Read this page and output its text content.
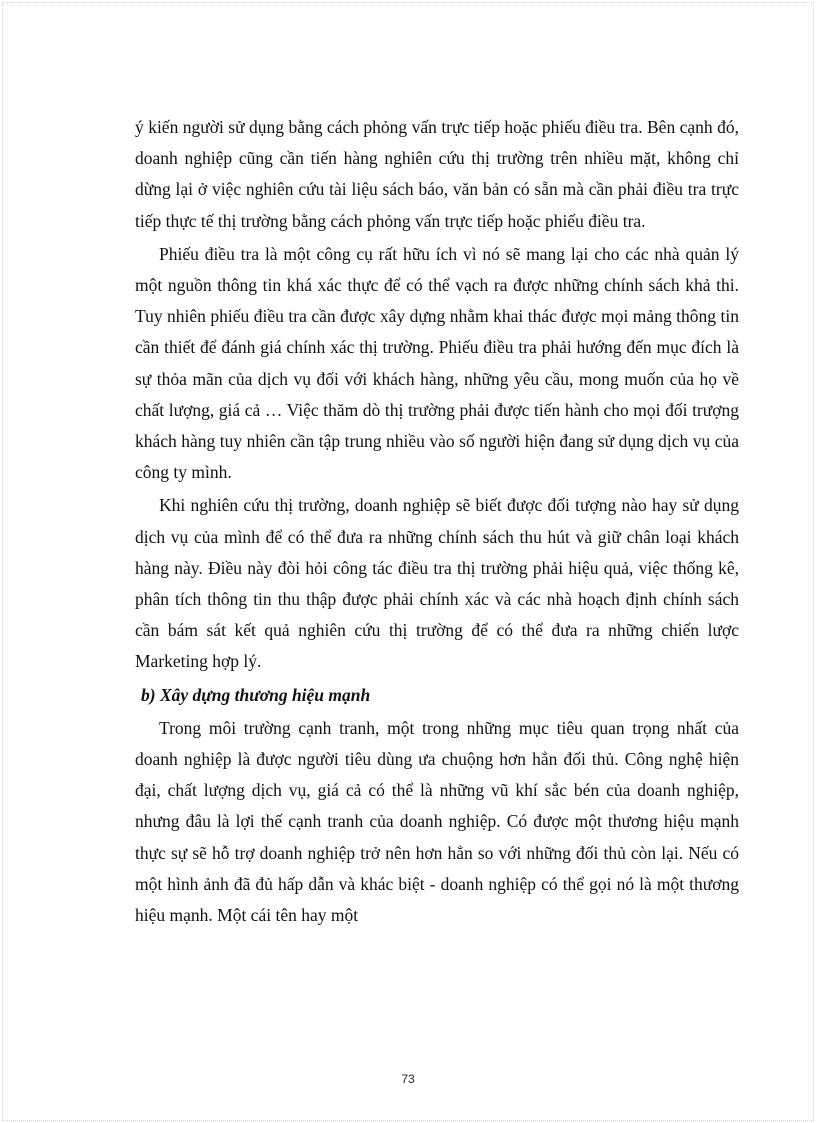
ý kiến người sử dụng bằng cách phỏng vấn trực tiếp hoặc phiếu điều tra. Bên cạnh đó, doanh nghiệp cũng cần tiến hàng nghiên cứu thị trường trên nhiều mặt, không chỉ dừng lại ở việc nghiên cứu tài liệu sách báo, văn bản có sẵn mà cần phải điều tra trực tiếp thực tế thị trường bằng cách phỏng vấn trực tiếp hoặc phiếu điều tra.

Phiếu điều tra là một công cụ rất hữu ích vì nó sẽ mang lại cho các nhà quản lý một nguồn thông tin khá xác thực để có thể vạch ra được những chính sách khả thi. Tuy nhiên phiếu điều tra cần được xây dựng nhằm khai thác được mọi mảng thông tin cần thiết để đánh giá chính xác thị trường. Phiếu điều tra phải hướng đến mục đích là sự thỏa mãn của dịch vụ đối với khách hàng, những yêu cầu, mong muốn của họ về chất lượng, giá cả … Việc thăm dò thị trường phải được tiến hành cho mọi đối trượng khách hàng tuy nhiên cần tập trung nhiều vào số người hiện đang sử dụng dịch vụ của công ty mình.

Khi nghiên cứu thị trường, doanh nghiệp sẽ biết được đối tượng nào hay sử dụng dịch vụ của mình để có thể đưa ra những chính sách thu hút và giữ chân loại khách hàng này. Điều này đòi hỏi công tác điều tra thị trường phải hiệu quả, việc thống kê, phân tích thông tin thu thập được phải chính xác và các nhà hoạch định chính sách cần bám sát kết quả nghiên cứu thị trường để có thể đưa ra những chiến lược Marketing hợp lý.

b) Xây dựng thương hiệu mạnh

Trong môi trường cạnh tranh, một trong những mục tiêu quan trọng nhất của doanh nghiệp là được người tiêu dùng ưa chuộng hơn hẳn đối thủ. Công nghệ hiện đại, chất lượng dịch vụ, giá cả có thể là những vũ khí sắc bén của doanh nghiệp, nhưng đâu là lợi thế cạnh tranh của doanh nghiệp. Có được một thương hiệu mạnh thực sự sẽ hỗ trợ doanh nghiệp trở nên hơn hẳn so với những đối thủ còn lại. Nếu có một hình ảnh đã đủ hấp dẫn và khác biệt - doanh nghiệp có thể gọi nó là một thương hiệu mạnh. Một cái tên hay một

73
